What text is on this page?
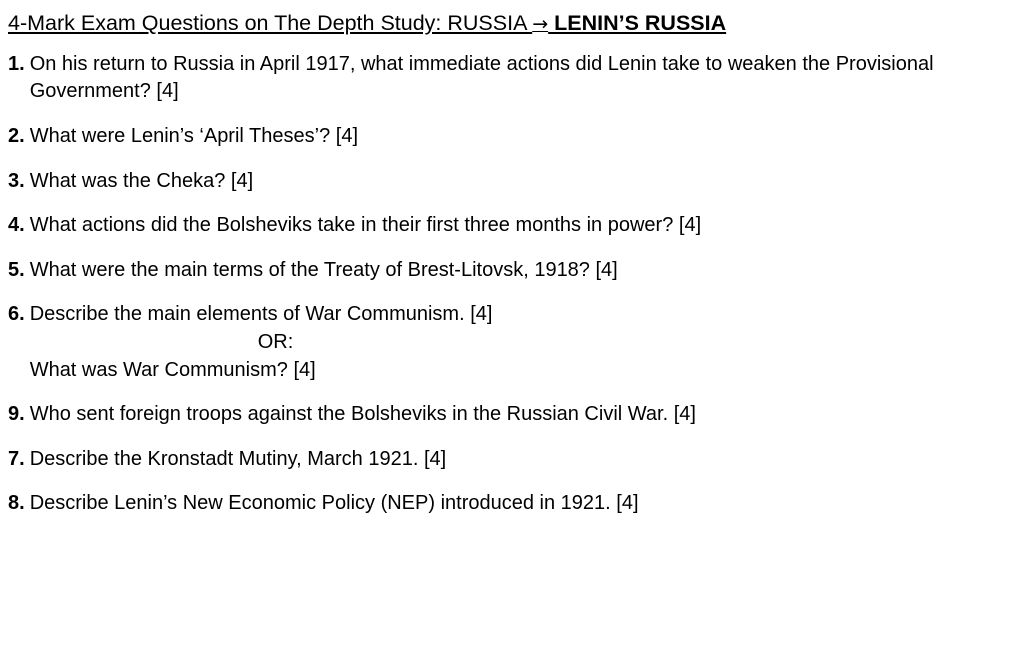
4-Mark Exam Questions on The Depth Study: RUSSIA → LENIN’S RUSSIA
1. On his return to Russia in April 1917, what immediate actions did Lenin take to weaken the Provisional Government? [4]
2. What were Lenin’s ‘April Theses’? [4]
3. What was the Cheka? [4]
4. What actions did the Bolsheviks take in their first three months in power? [4]
5. What were the main terms of the Treaty of Brest-Litovsk, 1918? [4]
6. Describe the main elements of War Communism. [4]
OR:
What was War Communism? [4]
9. Who sent foreign troops against the Bolsheviks in the Russian Civil War. [4]
7. Describe the Kronstadt Mutiny, March 1921. [4]
8. Describe Lenin’s New Economic Policy (NEP) introduced in 1921. [4]
